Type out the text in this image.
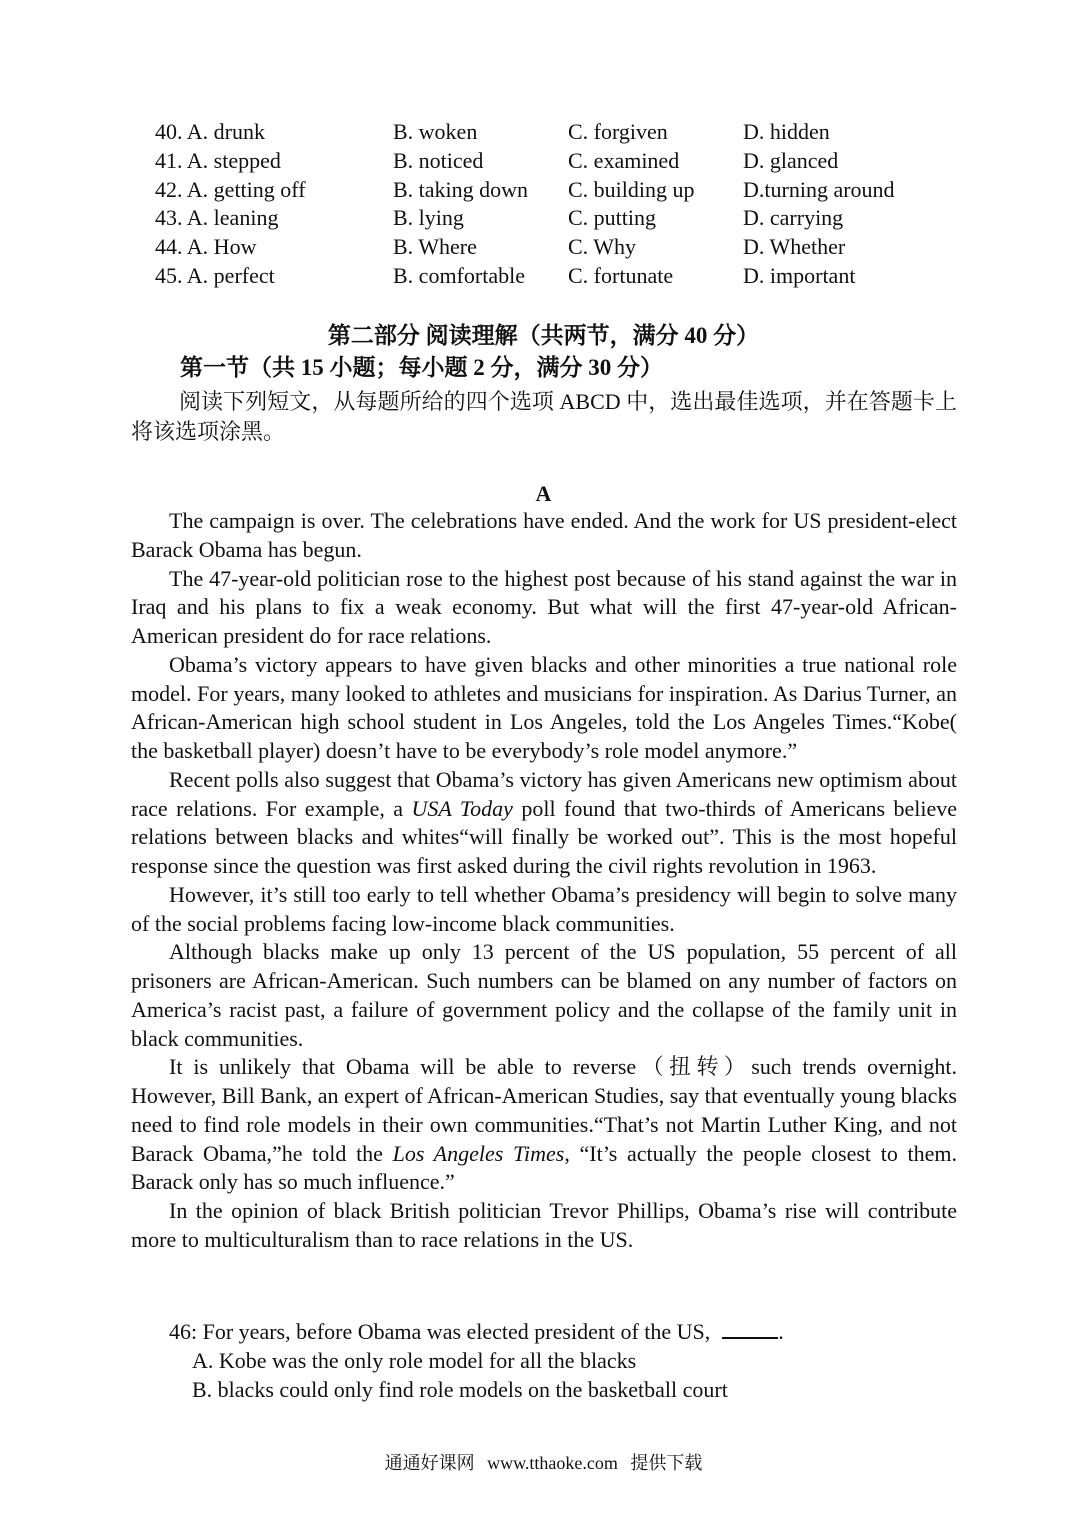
40. A. drunk	B. woken	C. forgiven	D. hidden
41. A. stepped	B. noticed	C. examined	D. glanced
42. A. getting off	B. taking down C. building up D.turning around
43. A. leaning	B. lying	C. putting	D. carrying
44. A. How	B. Where	C. Why	D. Whether
45. A. perfect	B. comfortable C. fortunate	D. important
第二部分 阅读理解（共两节，满分 40 分）
第一节（共 15 小题；每小题 2 分，满分 30 分）
阅读下列短文，从每题所给的四个选项 ABCD 中，选出最佳选项，并在答题卡上将该选项涂黑。
A

The campaign is over. The celebrations have ended. And the work for US president-elect Barack Obama has begun.

The 47-year-old politician rose to the highest post because of his stand against the war in Iraq and his plans to fix a weak economy. But what will the first 47-year-old African-American president do for race relations.

Obama’s victory appears to have given blacks and other minorities a true national role model. For years, many looked to athletes and musicians for inspiration. As Darius Turner, an African-American high school student in Los Angeles, told the Los Angeles Times.“Kobe( the basketball player) doesn’t have to be everybody’s role model anymore.”

Recent polls also suggest that Obama’s victory has given Americans new optimism about race relations. For example, a USA Today poll found that two-thirds of Americans believe relations between blacks and whites“will finally be worked out”. This is the most hopeful response since the question was first asked during the civil rights revolution in 1963.

However, it’s still too early to tell whether Obama’s presidency will begin to solve many of the social problems facing low-income black communities.

Although blacks make up only 13 percent of the US population, 55 percent of all prisoners are African-American. Such numbers can be blamed on any number of factors on America’s racist past, a failure of government policy and the collapse of the family unit in black communities.

It is unlikely that Obama will be able to reverse（扭转）such trends overnight. However, Bill Bank, an expert of African-American Studies, say that eventually young blacks need to find role models in their own communities.“That’s not Martin Luther King, and not Barack Obama,”he told the Los Angeles Times, “It’s actually the people closest to them. Barack only has so much influence.”

In the opinion of black British politician Trevor Phillips, Obama’s rise will contribute more to multiculturalism than to race relations in the US.

46: For years, before Obama was elected president of the US,	.
A. Kobe was the only role model for all the blacks
B. blacks could only find role models on the basketball court
通通好课网 www.tthaoke.com 提供下载
